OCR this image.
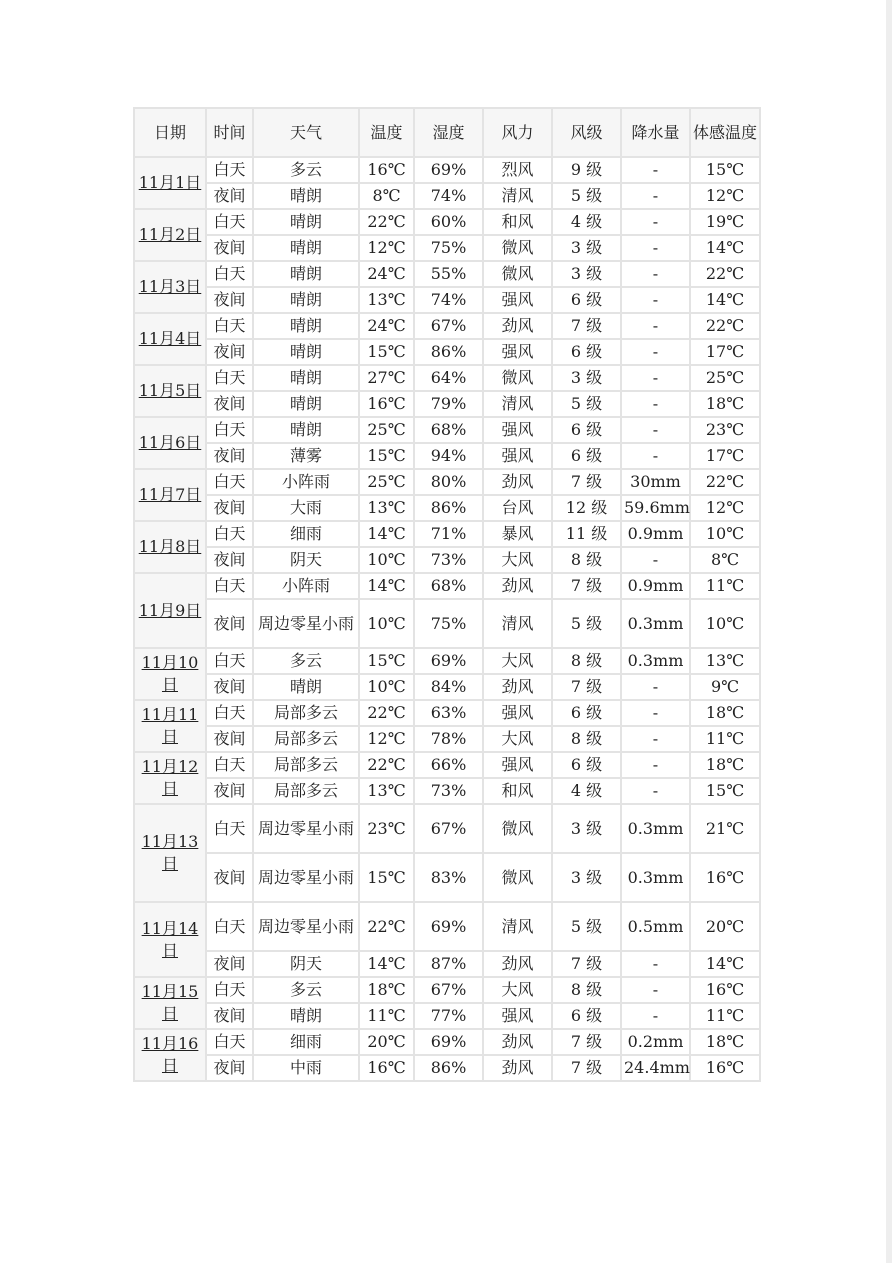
日期	时间	天气	温度	湿度	风力	风级	降水量	体感温度
11月1日	白天	多云	16℃	69%	烈风	9 级	-	15℃
	夜间	晴朗	8℃	74%	清风	5 级	-	12℃
11月2日	白天	晴朗	22℃	60%	和风	4 级	-	19℃
	夜间	晴朗	12℃	75%	微风	3 级	-	14℃
11月3日	白天	晴朗	24℃	55%	微风	3 级	-	22℃
	夜间	晴朗	13℃	74%	强风	6 级	-	14℃
11月4日	白天	晴朗	24℃	67%	劲风	7 级	-	22℃
	夜间	晴朗	15℃	86%	强风	6 级	-	17℃
11月5日	白天	晴朗	27℃	64%	微风	3 级	-	25℃
	夜间	晴朗	16℃	79%	清风	5 级	-	18℃
11月6日	白天	晴朗	25℃	68%	强风	6 级	-	23℃
	夜间	薄雾	15℃	94%	强风	6 级	-	17℃
11月7日	白天	小阵雨	25℃	80%	劲风	7 级	30mm	22℃
	夜间	大雨	13℃	86%	台风	12 级	59.6mm	12℃
11月8日	白天	细雨	14℃	71%	暴风	11 级	0.9mm	10℃
	夜间	阴天	10℃	73%	大风	8 级	-	8℃
11月9日	白天	小阵雨	14℃	68%	劲风	7 级	0.9mm	11℃
	夜间	周边零星小雨	10℃	75%	清风	5 级	0.3mm	10℃
11月10日	白天	多云	15℃	69%	大风	8 级	0.3mm	13℃
	夜间	晴朗	10℃	84%	劲风	7 级	-	9℃
11月11日	白天	局部多云	22℃	63%	强风	6 级	-	18℃
	夜间	局部多云	12℃	78%	大风	8 级	-	11℃
11月12日	白天	局部多云	22℃	66%	强风	6 级	-	18℃
	夜间	局部多云	13℃	73%	和风	4 级	-	15℃
11月13日	白天	周边零星小雨	23℃	67%	微风	3 级	0.3mm	21℃
	夜间	周边零星小雨	15℃	83%	微风	3 级	0.3mm	16℃
11月14日	白天	周边零星小雨	22℃	69%	清风	5 级	0.5mm	20℃
	夜间	阴天	14℃	87%	劲风	7 级	-	14℃
11月15日	白天	多云	18℃	67%	大风	8 级	-	16℃
	夜间	晴朗	11℃	77%	强风	6 级	-	11℃
11月16日	白天	细雨	20℃	69%	劲风	7 级	0.2mm	18℃
	夜间	中雨	16℃	86%	劲风	7 级	24.4mm	16℃
